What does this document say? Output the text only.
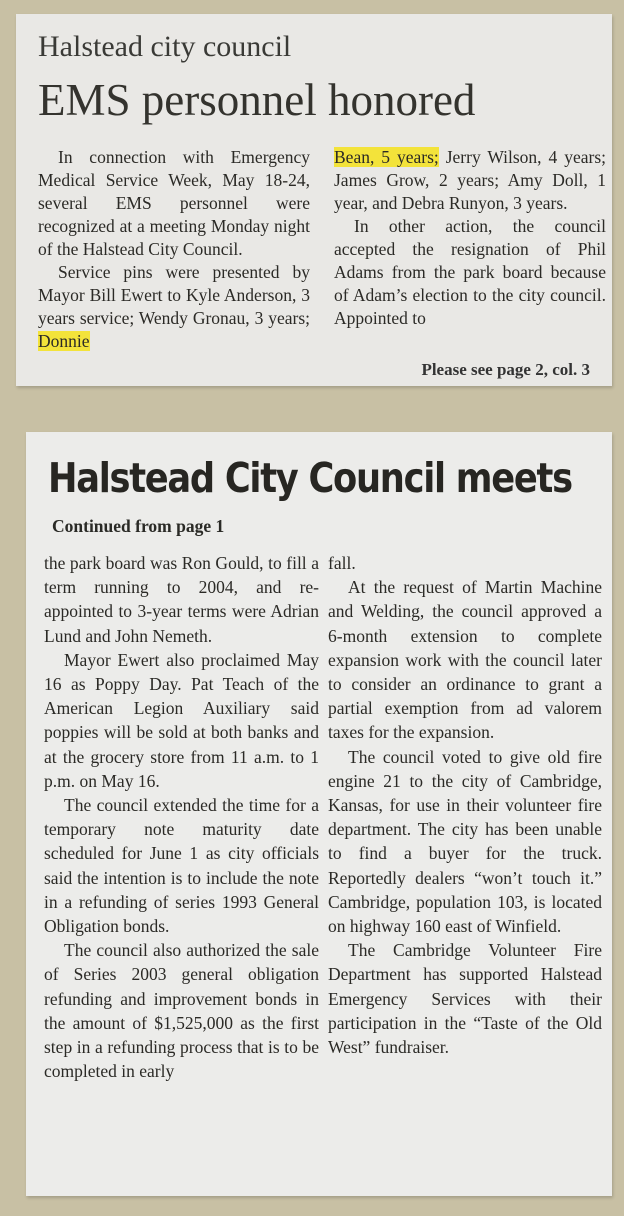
Halstead city council
EMS personnel honored

In connection with Emergency Medical Service Week, May 18-24, several EMS personnel were recognized at a meeting Monday night of the Halstead City Council.

Service pins were presented by Mayor Bill Ewert to Kyle Anderson, 3 years service; Wendy Gronau, 3 years; Donnie

Bean, 5 years; Jerry Wilson, 4 years; James Grow, 2 years; Amy Doll, 1 year, and Debra Runyon, 3 years.

In other action, the council accepted the resignation of Phil Adams from the park board because of Adam’s election to the city council. Appointed to

Please see page 2, col. 3
Halstead City Council meets
Continued from page 1

the park board was Ron Gould, to fill a term running to 2004, and re-appointed to 3-year terms were Adrian Lund and John Nemeth.

Mayor Ewert also proclaimed May 16 as Poppy Day. Pat Teach of the American Legion Auxiliary said poppies will be sold at both banks and at the grocery store from 11 a.m. to 1 p.m. on May 16.

The council extended the time for a temporary note maturity date scheduled for June 1 as city officials said the intention is to include the note in a refunding of series 1993 General Obligation bonds.

The council also authorized the sale of Series 2003 general obligation refunding and improvement bonds in the amount of $1,525,000 as the first step in a refunding process that is to be completed in early

fall.

At the request of Martin Machine and Welding, the council approved a 6-month extension to complete expansion work with the council later to consider an ordinance to grant a partial exemption from ad valorem taxes for the expansion.

The council voted to give old fire engine 21 to the city of Cambridge, Kansas, for use in their volunteer fire department. The city has been unable to find a buyer for the truck. Reportedly dealers “won’t touch it.” Cambridge, population 103, is located on highway 160 east of Winfield.

The Cambridge Volunteer Fire Department has supported Halstead Emergency Services with their participation in the “Taste of the Old West” fundraiser.
